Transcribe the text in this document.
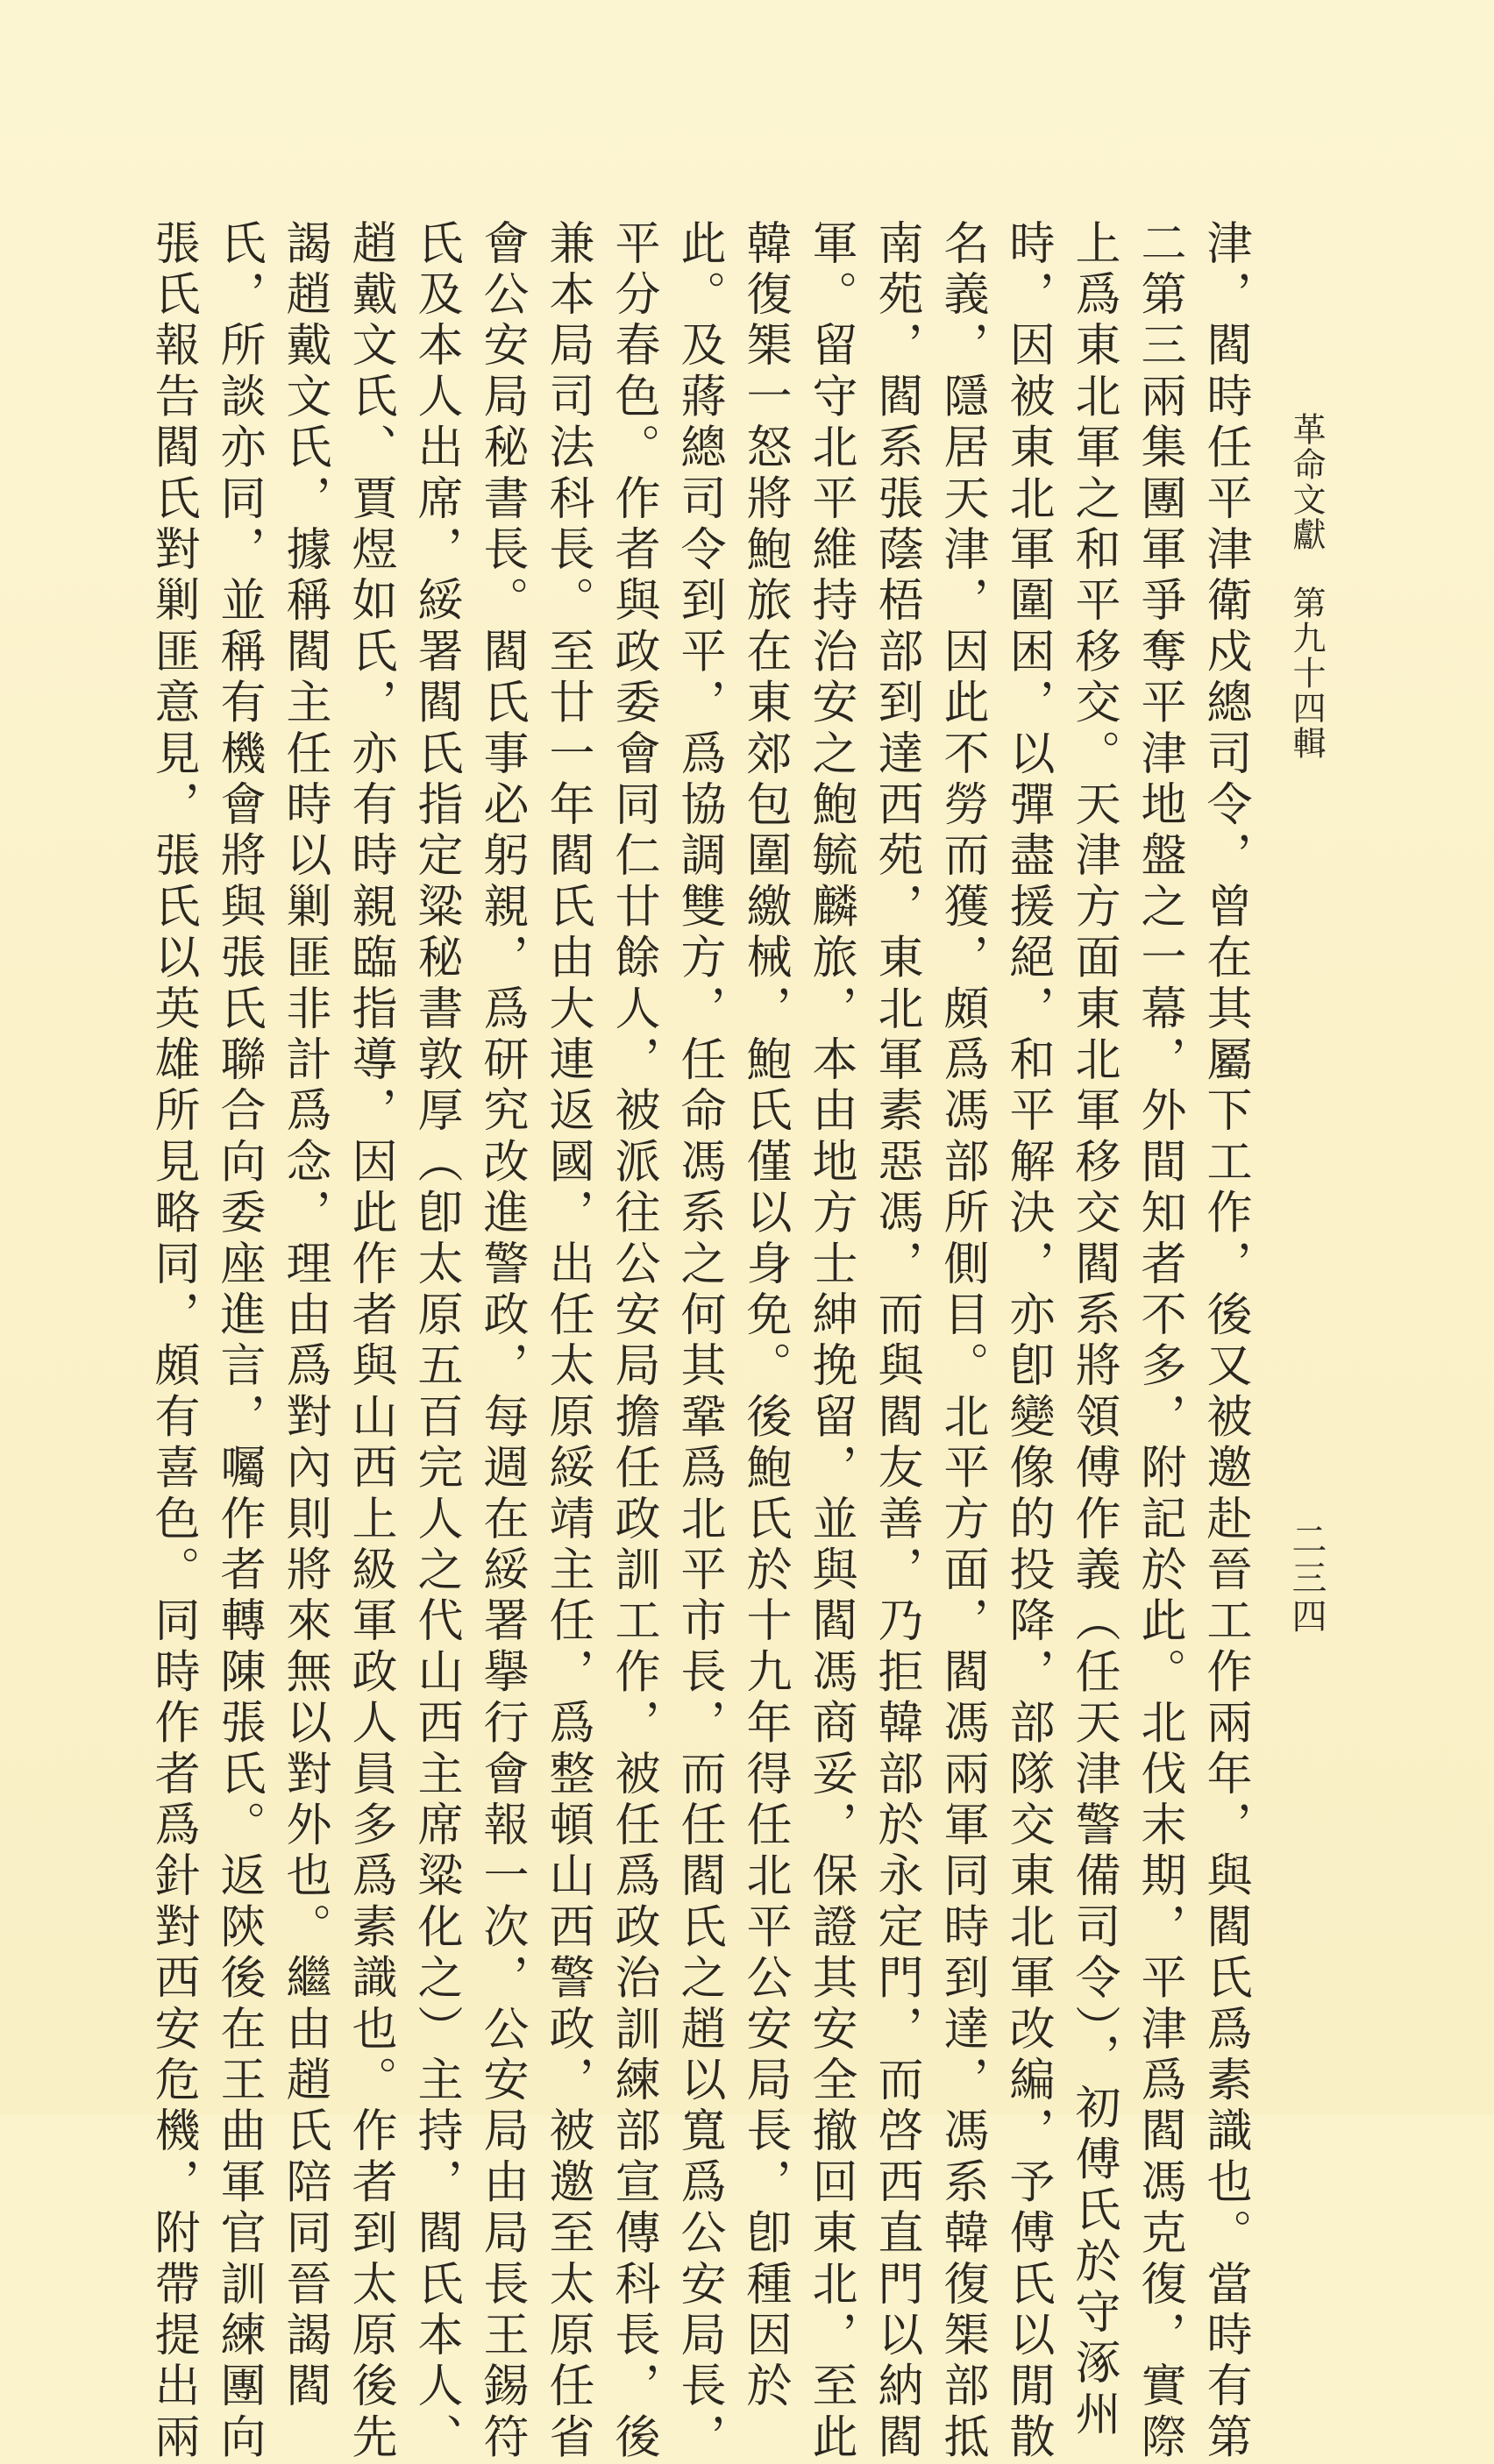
革命文獻第九十四輯
二三四
津，閻時任平津衛戍總司令，曾在其屬下工作，後又被邀赴晉工作兩年，與閻氏爲素識也。當時有第
二第三兩集團軍爭奪平津地盤之一幕，外間知者不多，附記於此。北伐末期，平津爲閻馮克復，實際
上爲東北軍之和平移交。天津方面東北軍移交閻系將領傅作義（任天津警備司令），初傅氏於守涿州
時，因被東北軍圍困，以彈盡援絕，和平解決，亦卽變像的投降，部隊交東北軍改編，予傅氏以閒散
名義，隱居天津，因此不勞而獲，頗爲馮部所側目。北平方面，閻馮兩軍同時到達，馮系韓復榘部抵
南苑，閻系張蔭梧部到達西苑，東北軍素惡馮，而與閻友善，乃拒韓部於永定門，而啓西直門以納閻
軍。留守北平維持治安之鮑毓麟旅，本由地方士紳挽留，並與閻馮商妥，保證其安全撤回東北，至此
韓復榘一怒將鮑旅在東郊包圍繳械，鮑氏僅以身免。後鮑氏於十九年得任北平公安局長，卽種因於
此。及蔣總司令到平，爲協調雙方，任命馮系之何其鞏爲北平市長，而任閻氏之趙以寬爲公安局長，
平分春色。作者與政委會同仁廿餘人，被派往公安局擔任政訓工作，被任爲政治訓練部宣傳科長，後
兼本局司法科長。至廿一年閻氏由大連返國，出任太原綏靖主任，爲整頓山西警政，被邀至太原任省
會公安局秘書長。閻氏事必躬親，爲研究改進警政，每週在綏署擧行會報一次，公安局由局長王錫符
氏及本人出席，綏署閻氏指定粱秘書敦厚（卽太原五百完人之代山西主席粱化之）主持，閻氏本人、
趙戴文氏、賈煜如氏，亦有時親臨指導，因此作者與山西上級軍政人員多爲素識也。作者到太原後先
謁趙戴文氏，據稱閻主任時以剿匪非計爲念，理由爲對內則將來無以對外也。繼由趙氏陪同晉謁閻
氏，所談亦同，並稱有機會將與張氏聯合向委座進言，囑作者轉陳張氏。返陝後在王曲軍官訓練團向
張氏報告閻氏對剿匪意見，張氏以英雄所見略同，頗有喜色。同時作者爲針對西安危機，附帶提出兩
